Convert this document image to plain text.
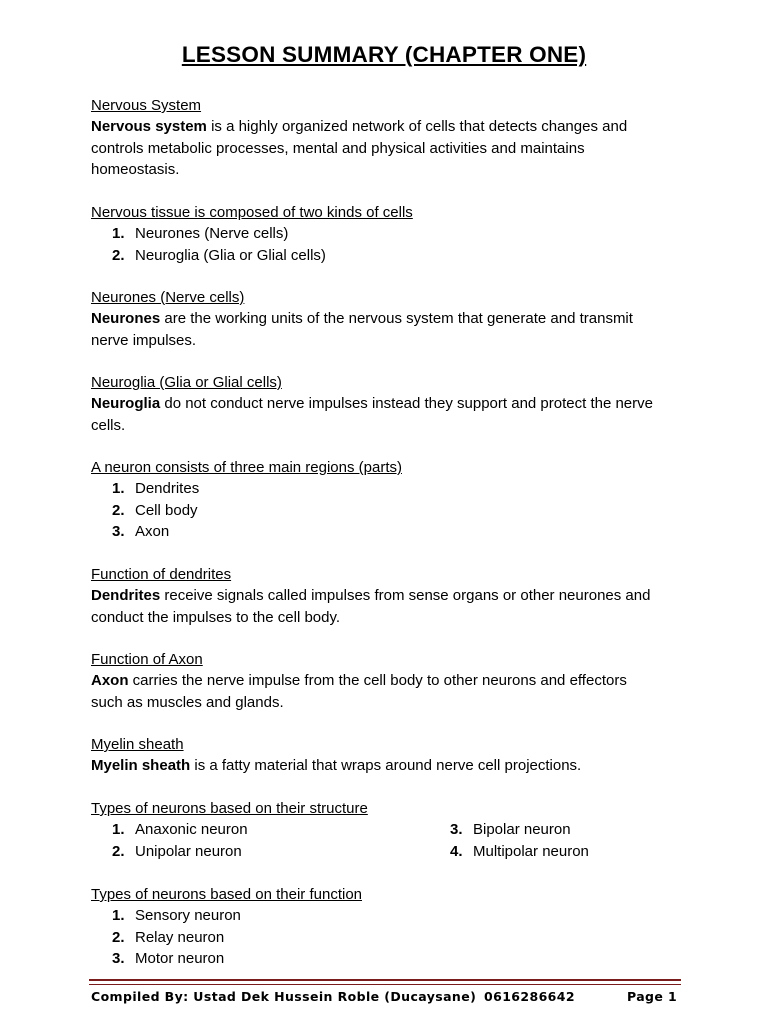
LESSON SUMMARY (CHAPTER ONE)

Nervous System

Nervous system is a highly organized network of cells that detects changes and

controls metabolic processes, mental and physical activities and maintains

homeostasis.

Nervous tissue is composed of two kinds of cells

1. Neurones (Nerve cells)
2. Neuroglia (Glia or Glial cells)

Neurones (Nerve cells)

Neurones are the working units of the nervous system that generate and transmit

nerve impulses.

Neuroglia (Glia or Glial cells)

Neuroglia do not conduct nerve impulses instead they support and protect the nerve

cells.

A neuron consists of three main regions (parts)

1. Dendrites
2. Cell body
3. Axon

Function of dendrites

Dendrites receive signals called impulses from sense organs or other neurones and

conduct the impulses to the cell body.

Function of Axon

Axon carries the nerve impulse from the cell body to other neurons and effectors

such as muscles and glands.

Myelin sheath

Myelin sheath is a fatty material that wraps around nerve cell projections.

Types of neurons based on their structure

1. Anaxonic neuron
2. Unipolar neuron
3. Bipolar neuron
4. Multipolar neuron

Types of neurons based on their function

1. Sensory neuron
2. Relay neuron
3. Motor neuron
Compiled By: Ustad Dek Hussein Roble (Ducaysane) 0616286642	Page 1
